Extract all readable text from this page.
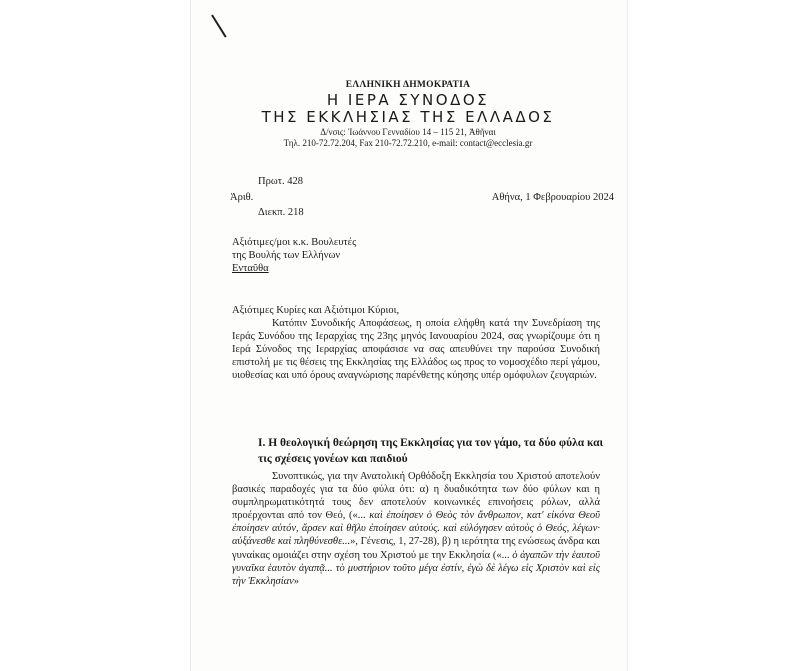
ΕΛΛΗΝΙΚΗ ΔΗΜΟΚΡΑΤΙΑ
Η ΙΕΡΑ ΣΥΝΟΔΟΣ
ΤΗΣ ΕΚΚΛΗΣΙΑΣ ΤΗΣ ΕΛΛΑΔΟΣ
Δ/νσις: Ἰωάννου Γενναδίου 14 – 115 21, Ἀθῆναι
Τηλ. 210-72.72.204, Fax 210-72.72.210, e-mail: contact@ecclesia.gr
Πρωτ. 428
Ἀριθ.
Διεκπ. 218
Αθήνα, 1 Φεβρουαρίου 2024
Αξιότιμες/μοι κ.κ. Βουλευτές
της Βουλής των Ελλήνων
Ενταῦθα
Αξιότιμες Κυρίες και Αξιότιμοι Κύριοι,
Κατόπιν Συνοδικής Αποφάσεως, η οποία ελήφθη κατά την Συνεδρίαση της Ιεράς Συνόδου της Ιεραρχίας της 23ης μηνός Ιανουαρίου 2024, σας γνωρίζουμε ότι η Ιερά Σύνοδος της Ιεραρχίας αποφάσισε να σας απευθύνει την παρούσα Συνοδική επιστολή με τις θέσεις της Εκκλησίας της Ελλάδος ως προς το νομοσχέδιο περί γάμου, υιοθεσίας και υπό όρους αναγνώρισης παρένθετης κύησης υπέρ ομόφυλων ζευγαριών.
Ι. Η θεολογική θεώρηση της Εκκλησίας για τον γάμο, τα δύο φύλα και τις σχέσεις γονέων και παιδιού
Συνοπτικώς, για την Ανατολική Ορθόδοξη Εκκλησία του Χριστού αποτελούν βασικές παραδοχές για τα δύο φύλα ότι: α) η δυαδικότητα των δύο φύλων και η συμπληρωματικότητά τους δεν αποτελούν κοινωνικές επινοήσεις ρόλων, αλλά προέρχονται από τον Θεό, («... καὶ ἐποίησεν ὁ Θεὸς τὸν ἄνθρωπον, κατ' εἰκόνα Θεοῦ ἐποίησεν αὐτόν, ἄρσεν καὶ θῆλυ ἐποίησεν αὐτούς. καὶ εὐλόγησεν αὐτοὺς ὁ Θεός, λέγων· αὐξάνεσθε καὶ πληθύνεσθε...», Γένεσις, 1, 27-28), β) η ιερότητα της ενώσεως άνδρα και γυναίκας ομοιάζει στην σχέση του Χριστού με την Εκκλησία («... ὁ ἀγαπῶν τὴν ἑαυτοῦ γυναῖκα ἑαυτὸν ἀγαπᾷ... τὸ μυστήριον τοῦτο μέγα ἐστίν, ἐγὼ δὲ λέγω εἰς Χριστὸν καὶ εἰς τὴν Ἐκκλησίαν»
